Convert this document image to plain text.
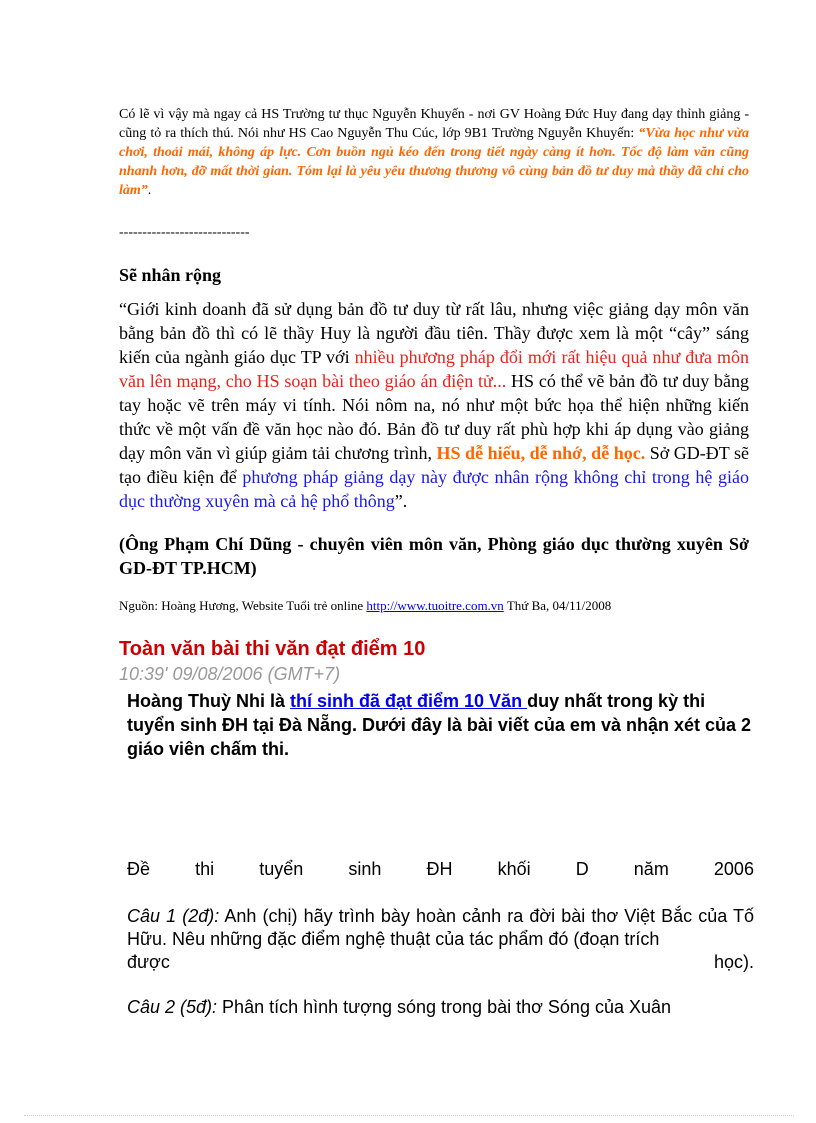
Có lẽ vì vậy mà ngay cả HS Trường tư thục Nguyễn Khuyến - nơi GV Hoàng Đức Huy đang dạy thỉnh giảng - cũng tỏ ra thích thú. Nói như HS Cao Nguyễn Thu Cúc, lớp 9B1 Trường Nguyễn Khuyến: “Vừa học như vừa chơi, thoải mái, không áp lực. Cơn buồn ngủ kéo đến trong tiết ngày càng ít hơn. Tốc độ làm văn cũng nhanh hơn, đỡ mất thời gian. Tóm lại là yêu yêu thương thương vô cùng bản đồ tư duy mà thầy đã chỉ cho làm”.
----------------------------
Sẽ nhân rộng
“Giới kinh doanh đã sử dụng bản đồ tư duy từ rất lâu, nhưng việc giảng dạy môn văn bằng bản đồ thì có lẽ thầy Huy là người đầu tiên. Thầy được xem là một “cây” sáng kiến của ngành giáo dục TP với nhiều phương pháp đổi mới rất hiệu quả như đưa môn văn lên mạng, cho HS soạn bài theo giáo án điện tử... HS có thể vẽ bản đồ tư duy bằng tay hoặc vẽ trên máy vi tính. Nói nôm na, nó như một bức họa thể hiện những kiến thức về một vấn đề văn học nào đó. Bản đồ tư duy rất phù hợp khi áp dụng vào giảng dạy môn văn vì giúp giảm tải chương trình, HS dễ hiểu, dễ nhớ, dễ học. Sở GD-ĐT sẽ tạo điều kiện để phương pháp giảng dạy này được nhân rộng không chỉ trong hệ giáo dục thường xuyên mà cả hệ phổ thông”.
(Ông Phạm Chí Dũng - chuyên viên môn văn, Phòng giáo dục thường xuyên Sở GD-ĐT TP.HCM)
Nguồn: Hoàng Hương, Website Tuổi trẻ online http://www.tuoitre.com.vn Thứ Ba, 04/11/2008
Toàn văn bài thi văn đạt điểm 10
10:39' 09/08/2006 (GMT+7)
Hoàng Thuỳ Nhi là thí sinh đã đạt điểm 10 Văn duy nhất trong kỳ thi tuyển sinh ĐH tại Đà Nẵng. Dưới đây là bài viết của em và nhận xét của 2 giáo viên chấm thi.
Đề	thi	tuyển	sinh	ĐH	khối	D	năm	2006
Câu 1 (2đ): Anh (chị) hãy trình bày hoàn cảnh ra đời bài thơ Việt Bắc của Tố Hữu. Nêu những đặc điểm nghệ thuật của tác phẩm đó (đoạn trích
được	học).
Câu 2 (5đ): Phân tích hình tượng sóng trong bài thơ Sóng của Xuân
